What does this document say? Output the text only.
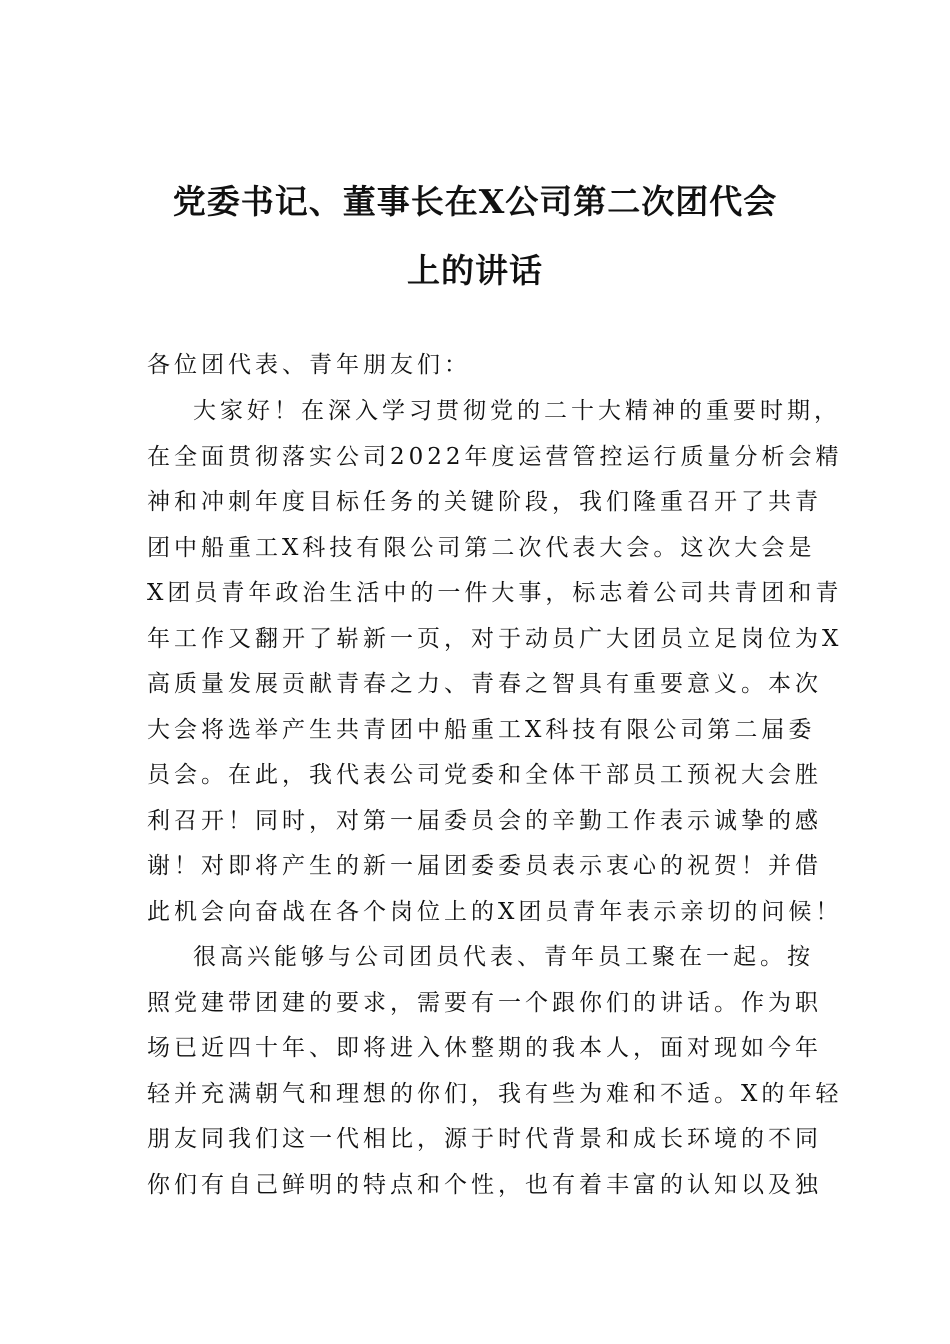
党委书记、董事长在X公司第二次团代会
上的讲话
各位团代表、青年朋友们：
大家好！在深入学习贯彻党的二十大精神的重要时期，
在全面贯彻落实公司2022年度运营管控运行质量分析会精
神和冲刺年度目标任务的关键阶段，我们隆重召开了共青
团中船重工X科技有限公司第二次代表大会。这次大会是
X团员青年政治生活中的一件大事，标志着公司共青团和青
年工作又翻开了崭新一页，对于动员广大团员立足岗位为X
高质量发展贡献青春之力、青春之智具有重要意义。本次
大会将选举产生共青团中船重工X科技有限公司第二届委
员会。在此，我代表公司党委和全体干部员工预祝大会胜
利召开！同时，对第一届委员会的辛勤工作表示诚挚的感
谢！对即将产生的新一届团委委员表示衷心的祝贺！并借
此机会向奋战在各个岗位上的X团员青年表示亲切的问候！
很高兴能够与公司团员代表、青年员工聚在一起。按
照党建带团建的要求，需要有一个跟你们的讲话。作为职
场已近四十年、即将进入休整期的我本人，面对现如今年
轻并充满朝气和理想的你们，我有些为难和不适。X的年轻
朋友同我们这一代相比，源于时代背景和成长环境的不同
你们有自己鲜明的特点和个性，也有着丰富的认知以及独
